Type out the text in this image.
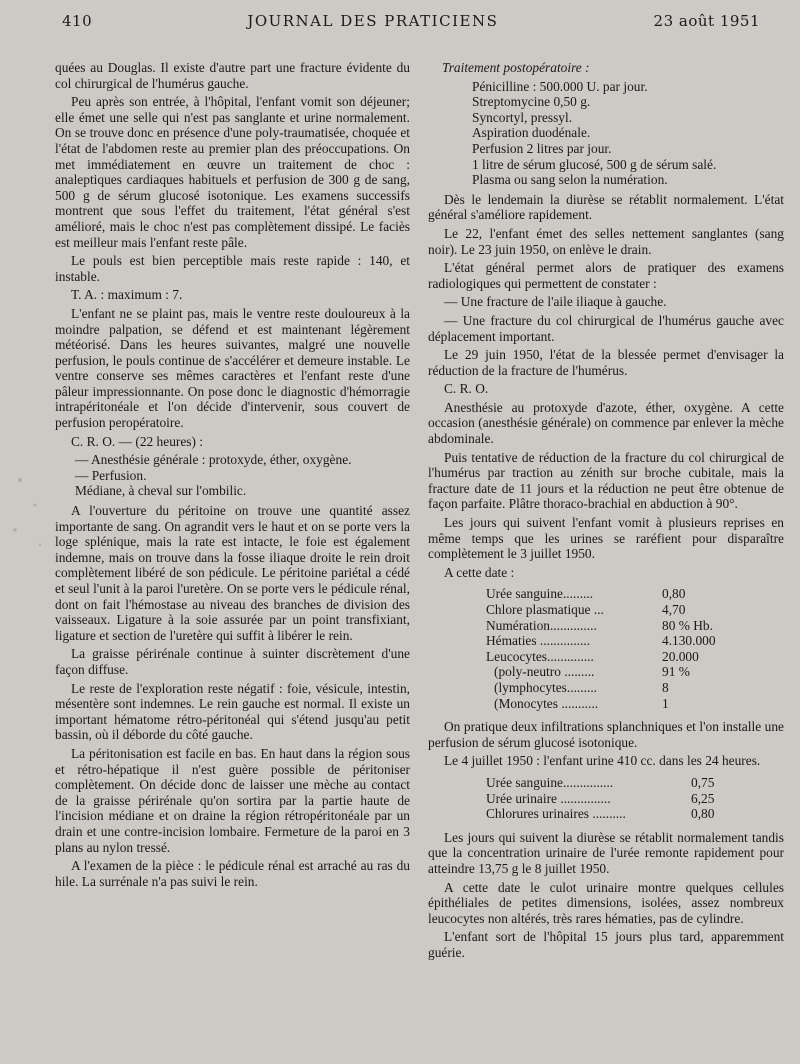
410	JOURNAL DES PRATICIENS	23 août 1951

quées au Douglas. Il existe d'autre part une fracture évidente du col chirurgical de l'humérus gauche.

Peu après son entrée, à l'hôpital, l'enfant vomit son déjeuner; elle émet une selle qui n'est pas sanglante et urine normalement. On se trouve donc en présence d'une poly-traumatisée, choquée et l'état de l'abdomen reste au premier plan des préoccupations. On met immédiatement en œuvre un traitement de choc : analeptiques cardiaques habituels et perfusion de 300 g de sang, 500 g de sérum glucosé isotonique. Les examens successifs montrent que sous l'effet du traitement, l'état général s'est amélioré, mais le choc n'est pas complètement dissipé. Le faciès est meilleur mais l'enfant reste pâle.

Le pouls est bien perceptible mais reste rapide : 140, et instable.

T. A. : maximum : 7.

L'enfant ne se plaint pas, mais le ventre reste douloureux à la moindre palpation, se défend et est maintenant légèrement météorisé. Dans les heures suivantes, malgré une nouvelle perfusion, le pouls continue de s'accélérer et demeure instable. Le ventre conserve ses mêmes caractères et l'enfant reste d'une pâleur impressionnante. On pose donc le diagnostic d'hémorragie intrapéritonéale et l'on décide d'intervenir, sous couvert de perfusion peropératoire.

C. R. O. — (22 heures) :

— Anesthésie générale : protoxyde, éther, oxygène.
— Perfusion.
Médiane, à cheval sur l'ombilic.

A l'ouverture du péritoine on trouve une quantité assez importante de sang. On agrandit vers le haut et on se porte vers la loge splénique, mais la rate est intacte, le foie est également indemne, mais on trouve dans la fosse iliaque droite le rein droit complètement libéré de son pédicule. Le péritoine pariétal a cédé et seul l'unit à la paroi l'uretère. On se porte vers le pédicule rénal, dont on fait l'hémostase au niveau des branches de division des vaisseaux. Ligature à la soie assurée par un point transfixiant, ligature et section de l'uretère qui suffit à libérer le rein.

La graisse périrénale continue à suinter discrètement d'une façon diffuse.

Le reste de l'exploration reste négatif : foie, vésicule, intestin, mésentère sont indemnes. Le rein gauche est normal. Il existe un important hématome rétro-péritonéal qui s'étend jusqu'au petit bassin, où il déborde du côté gauche.

La péritonisation est facile en bas. En haut dans la région sous et rétro-hépatique il n'est guère possible de péritoniser complètement. On décide donc de laisser une mèche au contact de la graisse périrénale qu'on sortira par la partie haute de l'incision médiane et on draine la région rétropéritonéale par un drain et une contre-incision lombaire. Fermeture de la paroi en 3 plans au nylon tressé.

A l'examen de la pièce : le pédicule rénal est arraché au ras du hile. La surrénale n'a pas suivi le rein.

Traitement postopératoire :

Pénicilline : 500.000 U. par jour.
Streptomycine 0,50 g.
Syncortyl, pressyl.
Aspiration duodénale.
Perfusion 2 litres par jour.
1 litre de sérum glucosé, 500 g de sérum salé.
Plasma ou sang selon la numération.

Dès le lendemain la diurèse se rétablit normalement. L'état général s'améliore rapidement.

Le 22, l'enfant émet des selles nettement sanglantes (sang noir). Le 23 juin 1950, on enlève le drain.

L'état général permet alors de pratiquer des examens radiologiques qui permettent de constater :

— Une fracture de l'aile iliaque à gauche.

— Une fracture du col chirurgical de l'humérus gauche avec déplacement important.

Le 29 juin 1950, l'état de la blessée permet d'envisager la réduction de la fracture de l'humérus.

C. R. O.

Anesthésie au protoxyde d'azote, éther, oxygène. A cette occasion (anesthésie générale) on commence par enlever la mèche abdominale.

Puis tentative de réduction de la fracture du col chirurgical de l'humérus par traction au zénith sur broche cubitale, mais la fracture date de 11 jours et la réduction ne peut être obtenue de façon parfaite. Plâtre thoraco-brachial en abduction à 90°.

Les jours qui suivent l'enfant vomit à plusieurs reprises en même temps que les urines se raréfient pour disparaître complètement le 3 juillet 1950.

A cette date :

Urée sanguine.........	0,80
Chlore plasmatique ...	4,70
Numération..............	80 % Hb.
Hématies ...............	4.130.000
Leucocytes..............	20.000
(poly-neutro .........	91 %
(lymphocytes.........	8
(Monocytes ...........	1

On pratique deux infiltrations splanchniques et l'on installe une perfusion de sérum glucosé isotonique.

Le 4 juillet 1950 : l'enfant urine 410 cc. dans les 24 heures.

Urée sanguine...............	0,75
Urée urinaire ...............	6,25
Chlorures urinaires ..........	0,80

Les jours qui suivent la diurèse se rétablit normalement tandis que la concentration urinaire de l'urée remonte rapidement pour atteindre 13,75 g le 8 juillet 1950.

A cette date le culot urinaire montre quelques cellules épithéliales de petites dimensions, isolées, assez nombreux leucocytes non altérés, très rares hématies, pas de cylindre.

L'enfant sort de l'hôpital 15 jours plus tard, apparemment guérie.
